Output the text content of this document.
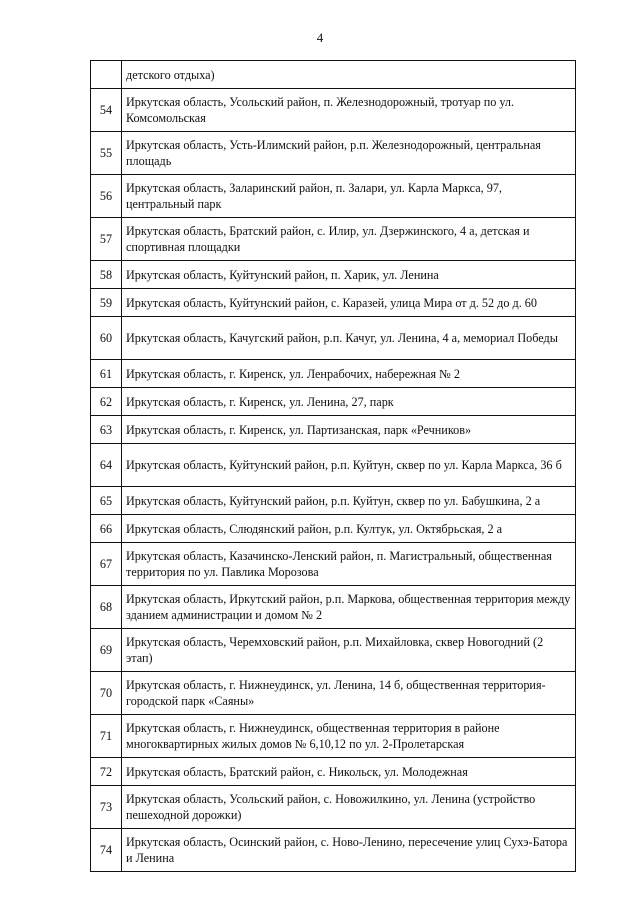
4
	детского отдыха)
54	Иркутская область, Усольский район, п. Железнодорожный, тротуар по ул. Комсомольская
55	Иркутская область, Усть-Илимский район, р.п. Железнодорожный, центральная площадь
56	Иркутская область, Заларинский район, п. Залари, ул. Карла Маркса, 97, центральный парк
57	Иркутская область, Братский район, с. Илир, ул. Дзержинского, 4 а, детская и спортивная площадки
58	Иркутская область, Куйтунский район, п. Харик, ул. Ленина
59	Иркутская область, Куйтунский район, с. Каразей, улица Мира от д. 52 до д. 60
60	Иркутская область, Качугский район, р.п. Качуг, ул. Ленина, 4 а, мемориал Победы
61	Иркутская область, г. Киренск, ул. Ленрабочих, набережная № 2
62	Иркутская область, г. Киренск, ул. Ленина, 27, парк
63	Иркутская область, г. Киренск, ул. Партизанская, парк «Речников»
64	Иркутская область, Куйтунский район, р.п. Куйтун, сквер по ул. Карла Маркса, 36 б
65	Иркутская область, Куйтунский район, р.п. Куйтун, сквер по ул. Бабушкина, 2 а
66	Иркутская область, Слюдянский район, р.п. Култук, ул. Октябрьская, 2 а
67	Иркутская область, Казачинско-Ленский район, п. Магистральный, общественная территория по ул. Павлика Морозова
68	Иркутская область, Иркутский район, р.п. Маркова, общественная территория между зданием администрации и домом № 2
69	Иркутская область, Черемховский район, р.п. Михайловка, сквер Новогодний (2 этап)
70	Иркутская область, г. Нижнеудинск, ул. Ленина, 14 б, общественная территория-городской парк «Саяны»
71	Иркутская область, г. Нижнеудинск, общественная территория в районе многоквартирных жилых домов № 6,10,12 по ул. 2-Пролетарская
72	Иркутская область, Братский район, с. Никольск, ул. Молодежная
73	Иркутская область, Усольский район, с. Новожилкино, ул. Ленина (устройство пешеходной дорожки)
74	Иркутская область, Осинский район, с. Ново-Ленино, пересечение улиц Сухэ-Батора и Ленина
